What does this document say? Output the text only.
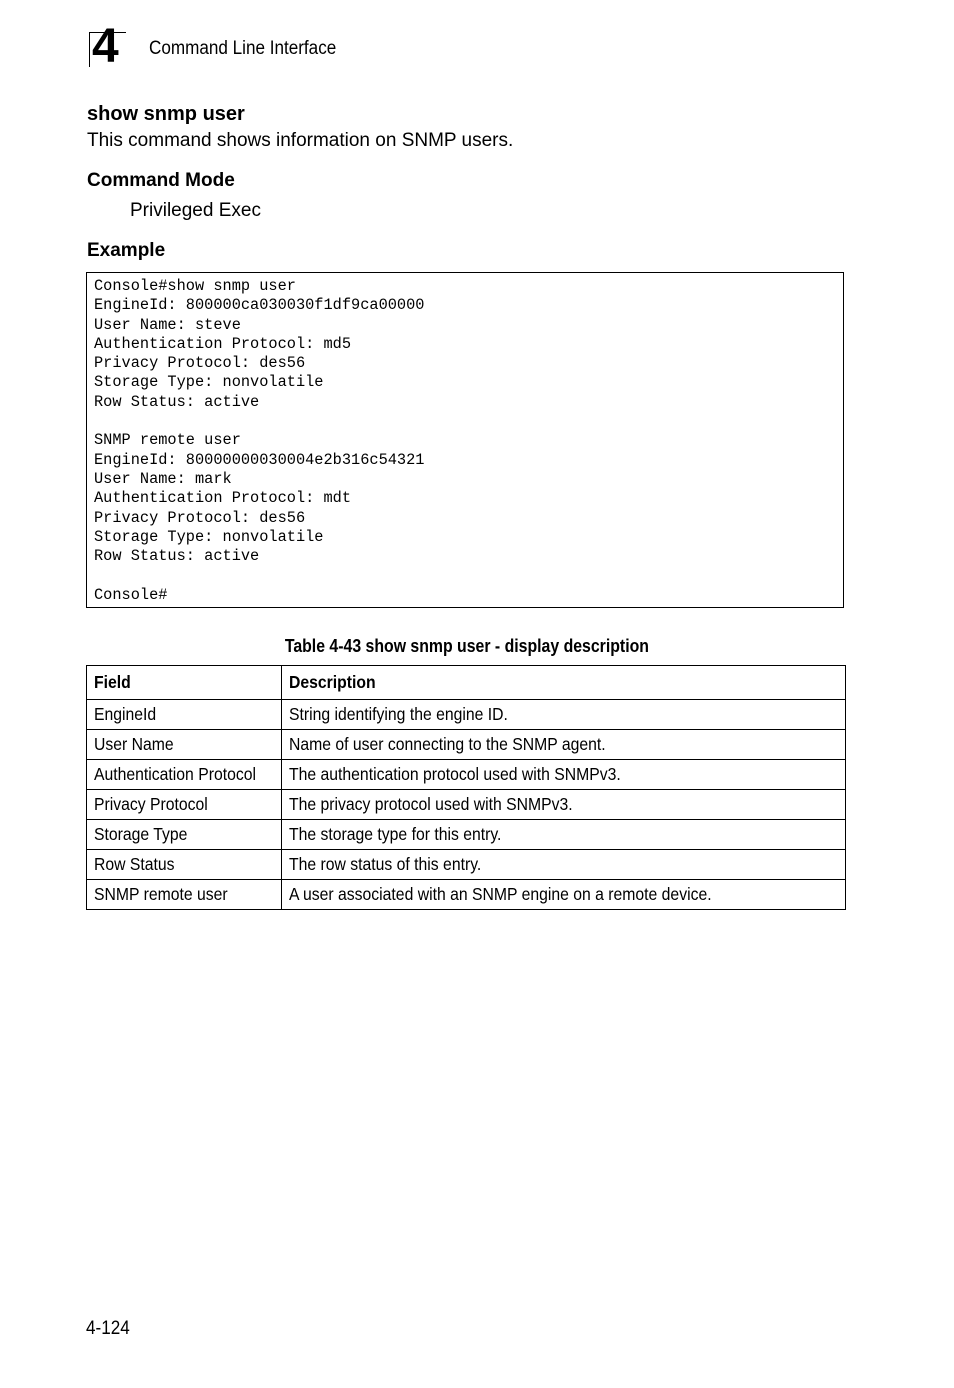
4 Command Line Interface
show snmp user
This command shows information on SNMP users.
Command Mode
Privileged Exec
Example
Console#show snmp user
EngineId: 800000ca030030f1df9ca00000
User Name: steve
Authentication Protocol: md5
Privacy Protocol: des56
Storage Type: nonvolatile
Row Status: active

SNMP remote user
EngineId: 80000000030004e2b316c54321
User Name: mark
Authentication Protocol: mdt
Privacy Protocol: des56
Storage Type: nonvolatile
Row Status: active

Console#
Table 4-43 show snmp user - display description
Field	Description
EngineId	String identifying the engine ID.
User Name	Name of user connecting to the SNMP agent.
Authentication Protocol	The authentication protocol used with SNMPv3.
Privacy Protocol	The privacy protocol used with SNMPv3.
Storage Type	The storage type for this entry.
Row Status	The row status of this entry.
SNMP remote user	A user associated with an SNMP engine on a remote device.
4-124
